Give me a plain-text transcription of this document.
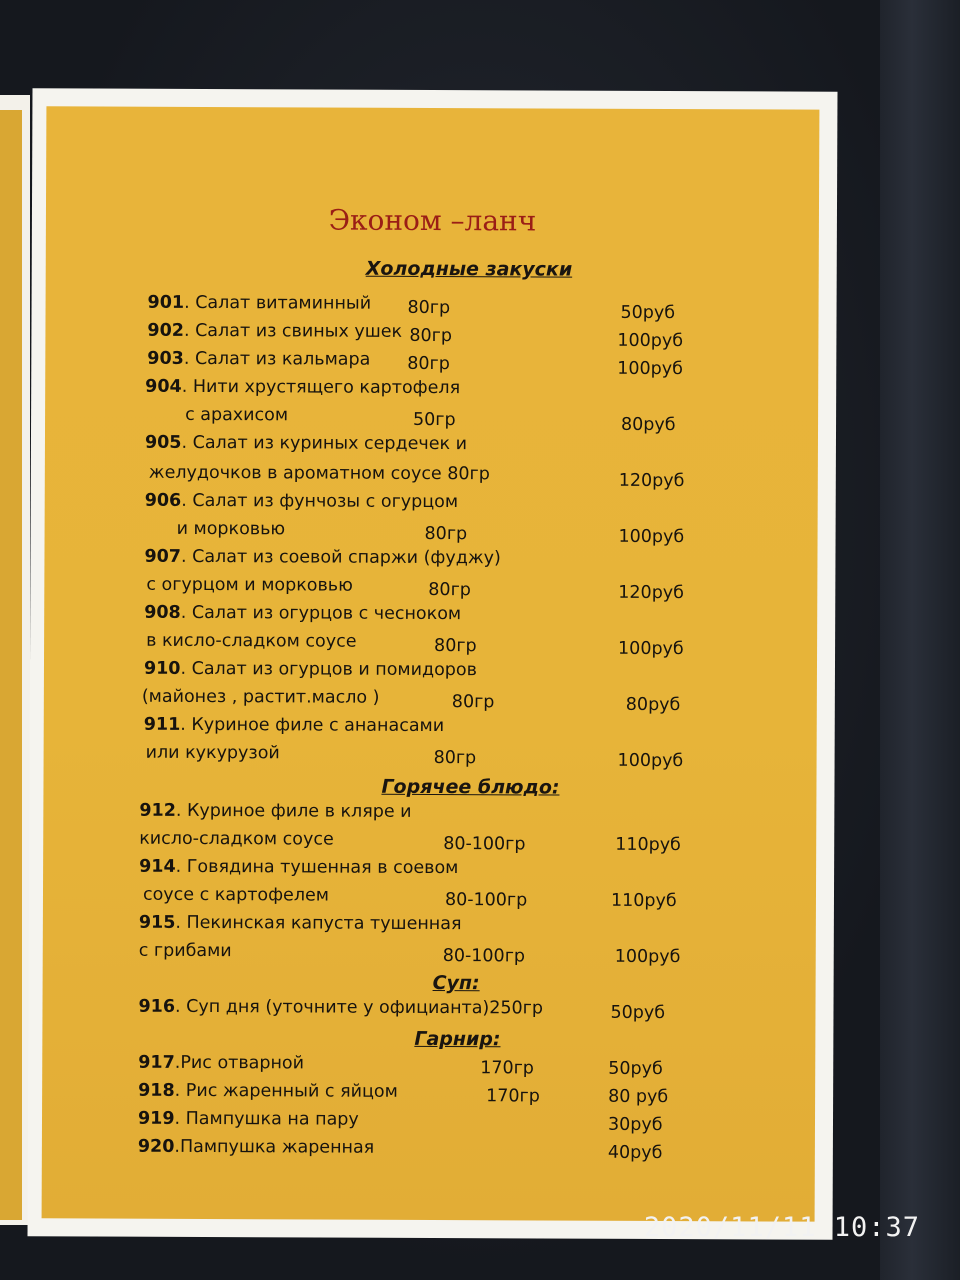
Эконом –ланч
Холодные закуски
901. Салат витаминный 80гр	50руб
902. Салат из свиных ушек 80гр	100руб
903. Салат из кальмара 80гр	100руб
904. Нити хрустящего картофеля
с арахисом	50гр	80руб
905. Салат из куриных сердечек и
желудочков в ароматном соусе 80гр	120руб
906. Салат из фунчозы с огурцом
и морковью	80гр	100руб
907. Салат из соевой спаржи (фуджу)
с огурцом и морковью	80гр	120руб
908. Салат из огурцов с чесноком
в кисло-сладком соусе	80гр	100руб
910. Салат из огурцов и помидоров
(майонез , растит.масло )	80гр	80руб
911. Куриное филе с ананасами
или кукурузой	80гр	100руб
Горячее блюдо:
912. Куриное филе в кляре и
кисло-сладком соусе	80-100гр	110руб
914. Говядина тушенная в соевом
соусе с картофелем	80-100гр	110руб
915. Пекинская капуста тушенная
с грибами	80-100гр	100руб
Суп:
916. Суп дня (уточните у официанта)250гр	50руб
Гарнир:
917.Рис отварной	170гр	50руб
918. Рис жаренный с яйцом	170гр	80 руб
919. Пампушка на пару	30руб
920.Пампушка жаренная	40руб
2020/11/11 10:37
